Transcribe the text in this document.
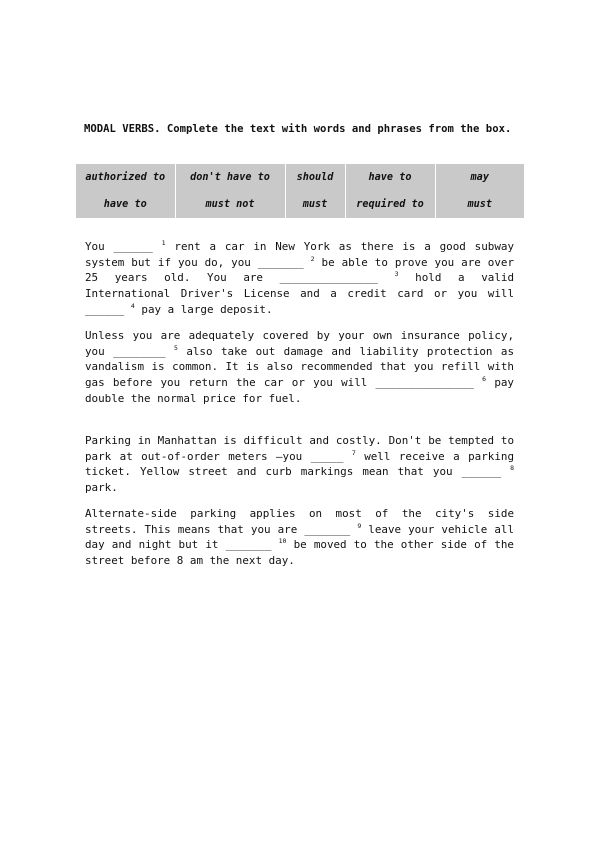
MODAL VERBS. Complete the text with words and phrases from the box.
authorized to	don't have to	should	have to	may
have to	must not	must	required to	must

You ______ $^1$ rent a car in New York as there is a good subway system but if you do, you _______ $^2$ be able to prove you are over 25 years old. You are _______________	$^3$ hold a valid International Driver's License and a credit card or you will ______ $^4$ pay a large deposit.

Unless you are adequately covered by your own insurance policy, you ________ $^5$ also take out damage and liability protection as vandalism is common. It is also recommended that you refill with gas before you return the car or you will _______________ $^6$ pay double the normal price for fuel.

Parking in Manhattan is difficult and costly. Don't be tempted to park at out-of-order meters –you _____ $^7$ well receive a parking ticket. Yellow street and curb markings mean that you ______ $^8$ park.

Alternate-side parking applies on most of the city's side streets. This means that you are _______ $^9$ leave your vehicle all day and night but it _______ $^{10}$ be moved to the other side of the street before 8 am the next day.
